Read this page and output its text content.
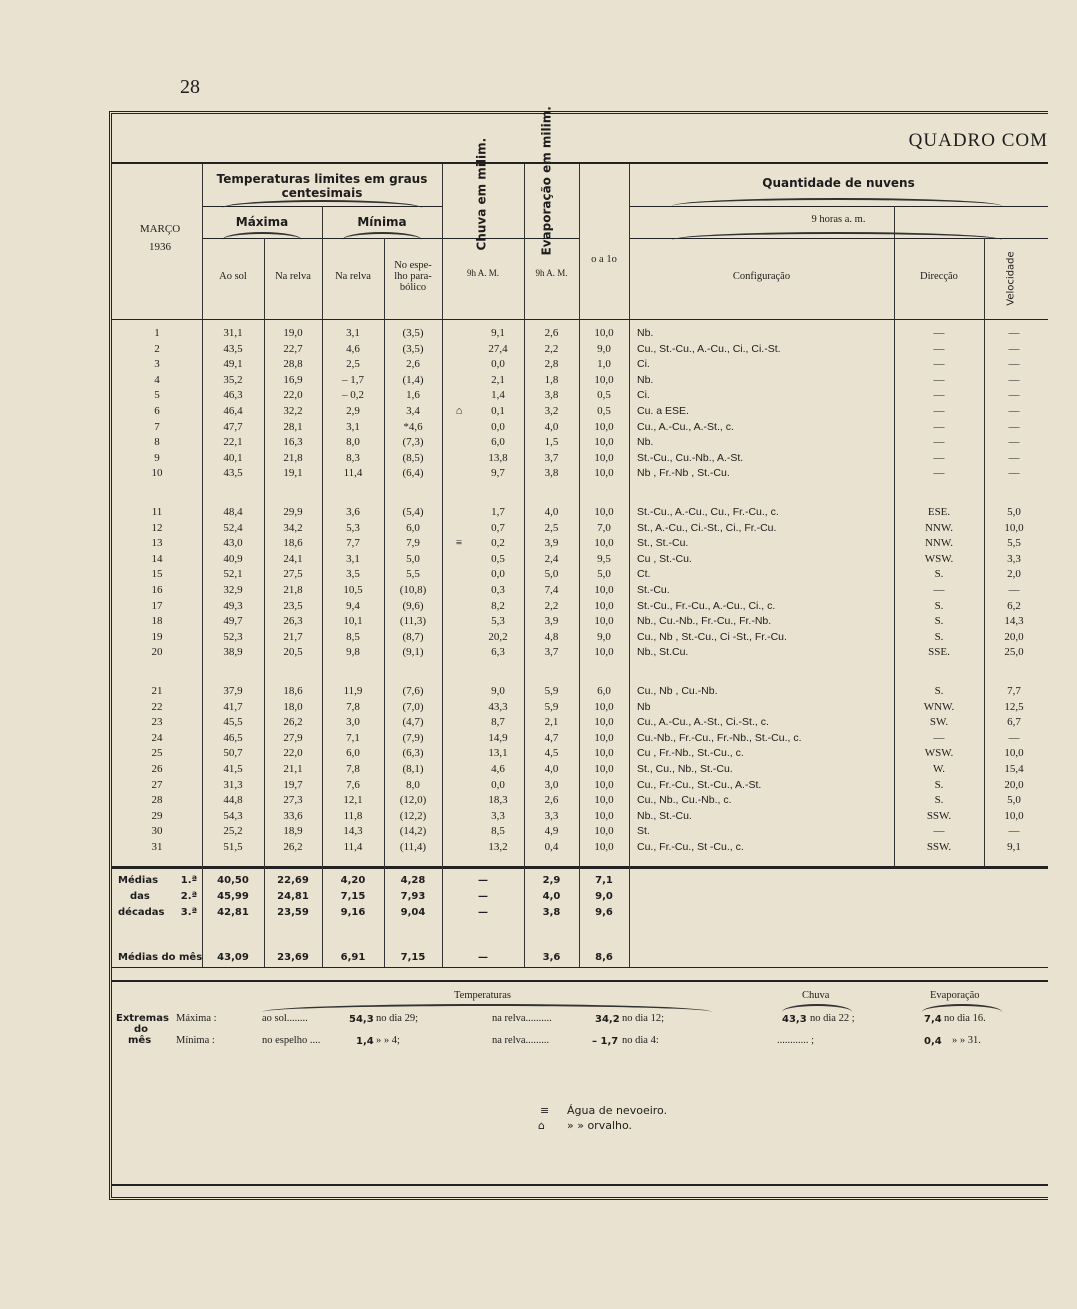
28
QUADRO COM
MARÇO
1936
Temperaturas limites em graus centesimais
Máxima	Mínima
Ao sol	Na relva	Na relva
No espe- lho para- bólico
Chuva em milim.	Evaporação em milim.
9h A. M.	9h A. M.
o a 1o
Quantidade de nuvens
9 horas a. m.
Configuração	Direcção	Velocidade
1	31,1	19,0	3,1	(3,5)	9,1	2,6	10,0	Nb.	—	—
2	43,5	22,7	4,6	(3,5)	27,4	2,2	9,0	Cu., St.-Cu., A.-Cu., Ci., Ci.-St.	—	—
3	49,1	28,8	2,5	2,6	0,0	2,8	1,0	Ci.	—	—
4	35,2	16,9	– 1,7	(1,4)	2,1	1,8	10,0	Nb.	—	—
5	46,3	22,0	– 0,2	1,6	1,4	3,8	0,5	Ci.	—	—
6	46,4	32,2	2,9	3,4	⌂	0,1	3,2	0,5	Cu. a ESE.	—	—
7	47,7	28,1	3,1	*4,6	0,0	4,0	10,0	Cu., A.-Cu., A.-St., c.	—	—
8	22,1	16,3	8,0	(7,3)	6,0	1,5	10,0	Nb.	—	—
9	40,1	21,8	8,3	(8,5)	13,8	3,7	10,0	St.-Cu., Cu.-Nb., A.-St.	—	—
10	43,5	19,1	11,4	(6,4)	9,7	3,8	10,0	Nb , Fr.-Nb , St.-Cu.	—	—
11	48,4	29,9	3,6	(5,4)	1,7	4,0	10,0	St.-Cu., A.-Cu., Cu., Fr.-Cu., c.	ESE.	5,0
12	52,4	34,2	5,3	6,0	0,7	2,5	7,0	St., A.-Cu., Ci.-St., Ci., Fr.-Cu.	NNW.	10,0
13	43,0	18,6	7,7	7,9	≡	0,2	3,9	10,0	St., St.-Cu.	NNW.	5,5
14	40,9	24,1	3,1	5,0	0,5	2,4	9,5	Cu , St.-Cu.	WSW.	3,3
15	52,1	27,5	3,5	5,5	0,0	5,0	5,0	Ct.	S.	2,0
16	32,9	21,8	10,5	(10,8)	0,3	7,4	10,0	St.-Cu.	—	—
17	49,3	23,5	9,4	(9,6)	8,2	2,2	10,0	St.-Cu., Fr.-Cu., A.-Cu., Ci., c.	S.	6,2
18	49,7	26,3	10,1	(11,3)	5,3	3,9	10,0	Nb., Cu.-Nb., Fr.-Cu., Fr.-Nb.	S.	14,3
19	52,3	21,7	8,5	(8,7)	20,2	4,8	9,0	Cu., Nb , St.-Cu., Ci -St., Fr.-Cu.	S.	20,0
20	38,9	20,5	9,8	(9,1)	6,3	3,7	10,0	Nb., St.Cu.	SSE.	25,0
21	37,9	18,6	11,9	(7,6)	9,0	5,9	6,0	Cu., Nb , Cu.-Nb.	S.	7,7
22	41,7	18,0	7,8	(7,0)	43,3	5,9	10,0	Nb	WNW.	12,5
23	45,5	26,2	3,0	(4,7)	8,7	2,1	10,0	Cu., A.-Cu., A.-St., Ci.-St., c.	SW.	6,7
24	46,5	27,9	7,1	(7,9)	14,9	4,7	10,0	Cu.-Nb., Fr.-Cu., Fr.-Nb., St.-Cu., c.	—	—
25	50,7	22,0	6,0	(6,3)	13,1	4,5	10,0	Cu , Fr.-Nb., St.-Cu., c.	WSW.	10,0
26	41,5	21,1	7,8	(8,1)	4,6	4,0	10,0	St., Cu., Nb., St.-Cu.	W.	15,4
27	31,3	19,7	7,6	8,0	0,0	3,0	10,0	Cu., Fr.-Cu., St.-Cu., A.-St.	S.	20,0
28	44,8	27,3	12,1	(12,0)	18,3	2,6	10,0	Cu., Nb., Cu.-Nb., c.	S.	5,0
29	54,3	33,6	11,8	(12,2)	3,3	3,3	10,0	Nb., St.-Cu.	SSW.	10,0
30	25,2	18,9	14,3	(14,2)	8,5	4,9	10,0	St.	—	—
31	51,5	26,2	11,4	(11,4)	13,2	0,4	10,0	Cu., Fr.-Cu., St -Cu., c.	SSW.	9,1
Médias
das
décadas
1.ª	40,50	22,69	4,20	4,28	—	2,9	7,1
2.ª	45,99	24,81	7,15	7,93	—	4,0	9,0
3.ª	42,81	23,59	9,16	9,04	—	3,8	9,6
Médias do mês	43,09	23,69	6,91	7,15	—	3,6	8,6
Temperaturas	Chuva	Evaporação
Extremas
do
mês
Máxima :
Mínima :
ao sol........	54,3 no dia 29;	na relva..........	34,2 no dia 12;	43,3 no dia 22 ;	7,4 no dia 16.
no espelho ....	1,4 » » 4;	na relva.........	– 1,7 no dia 4:	............ ;	0,4 » » 31.
≡ Água de nevoeiro.
⌂ » » orvalho.
